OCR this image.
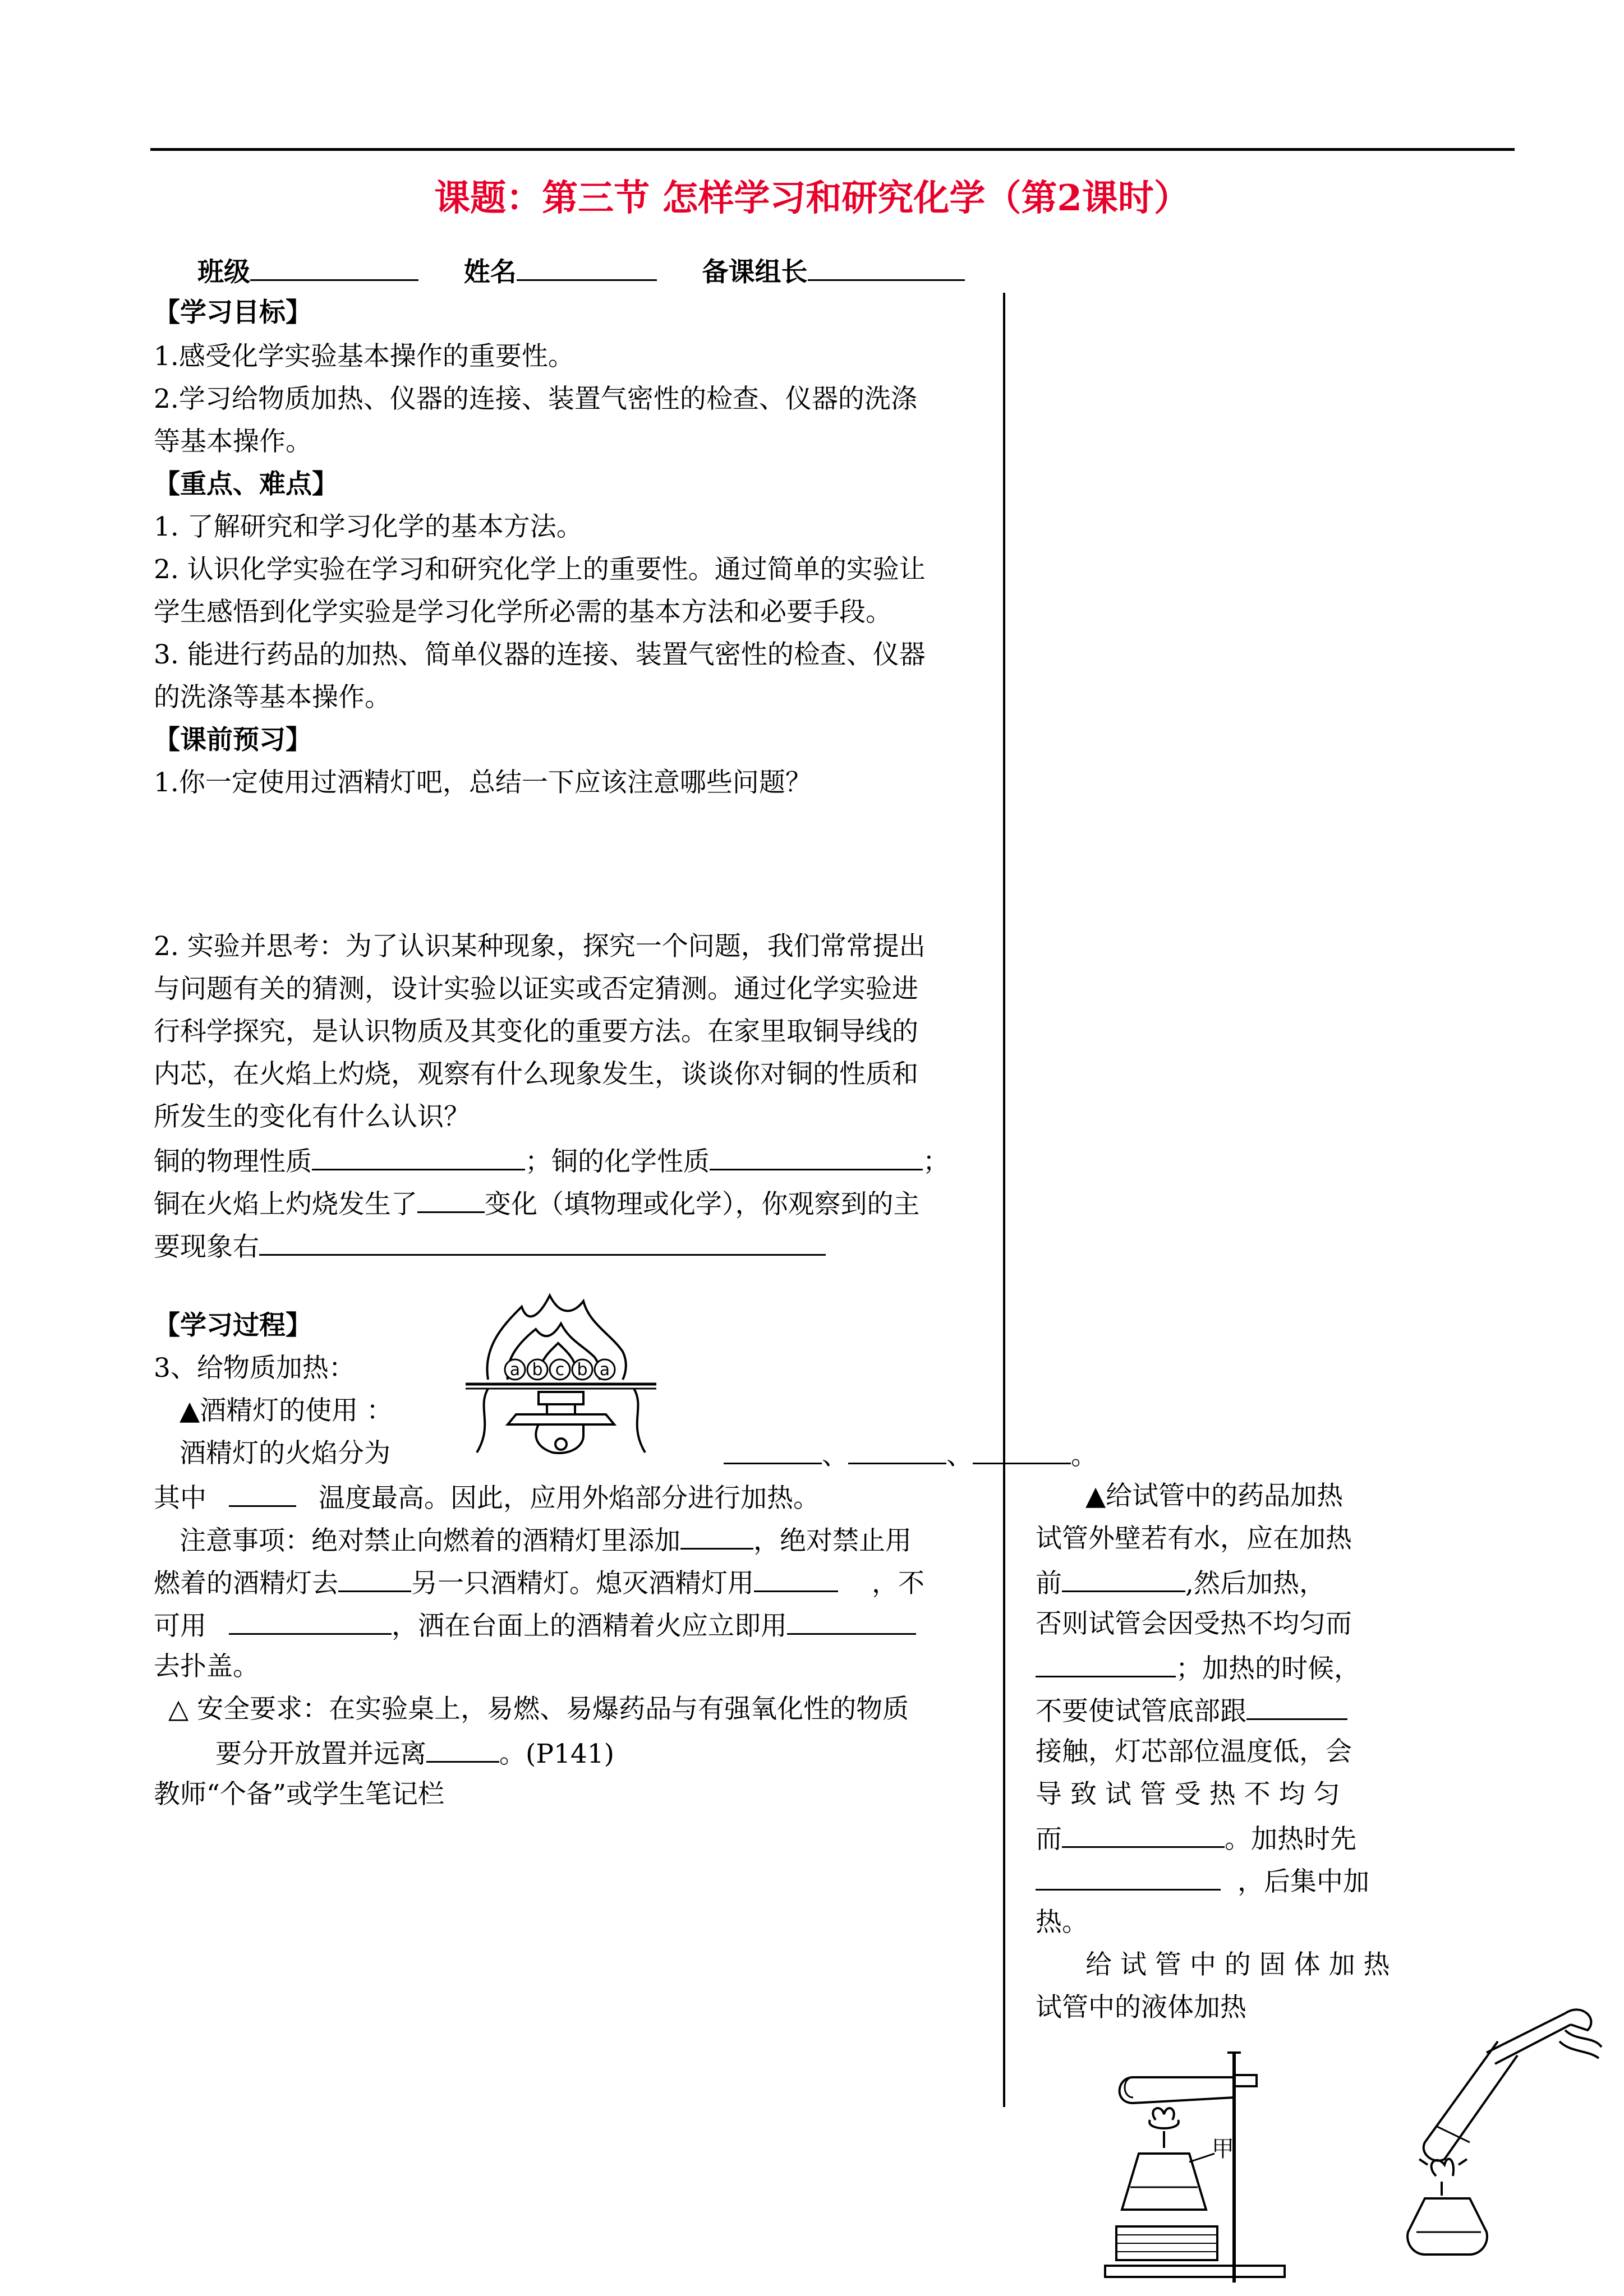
课题：第三节 怎样学习和研究化学（第2课时）
班级	姓名	备课组长
【学习目标】
1.感受化学实验基本操作的重要性。
2.学习给物质加热、仪器的连接、装置气密性的检查、仪器的洗涤
等基本操作。
【重点、难点】
1. 了解研究和学习化学的基本方法。
2. 认识化学实验在学习和研究化学上的重要性。通过简单的实验让
学生感悟到化学实验是学习化学所必需的基本方法和必要手段。
3. 能进行药品的加热、简单仪器的连接、装置气密性的检查、仪器
的洗涤等基本操作。
【课前预习】
1.你一定使用过酒精灯吧，总结一下应该注意哪些问题？
2. 实验并思考：为了认识某种现象，探究一个问题，我们常常提出
与问题有关的猜测，设计实验以证实或否定猜测。通过化学实验进
行科学探究，是认识物质及其变化的重要方法。在家里取铜导线的
内芯，在火焰上灼烧，观察有什么现象发生，谈谈你对铜的性质和
所发生的变化有什么认识？
铜的物理性质	；铜的化学性质	；
铜在火焰上灼烧发生了	变化（填物理或化学），你观察到的主
要现象右
【学习过程】
3、给物质加热：
▲酒精灯的使用 ：
酒精灯的火焰分为	、	、	。
其中	温度最高。因此，应用外焰部分进行加热。
注意事项：绝对禁止向燃着的酒精灯里添加	，绝对禁止用
燃着的酒精灯去	另一只酒精灯。熄灭酒精灯用	，不
可用	，洒在台面上的酒精着火应立即用
去扑盖。
△ 安全要求：在实验桌上，易燃、易爆药品与有强氧化性的物质
要分开放置并远离	。(P141)
教师“个备”或学生笔记栏
a b c b a
▲给试管中的药品加热
试管外壁若有水，应在加热
前	,然后加热，
否则试管会因受热不均匀而
；加热的时候，
不要使试管底部跟
接触，灯芯部位温度低，会
导 致 试 管 受 热 不 均 匀
而	。加热时先
，后集中加
热。
给 试 管 中 的 固 体 加 热
试管中的液体加热
甲
